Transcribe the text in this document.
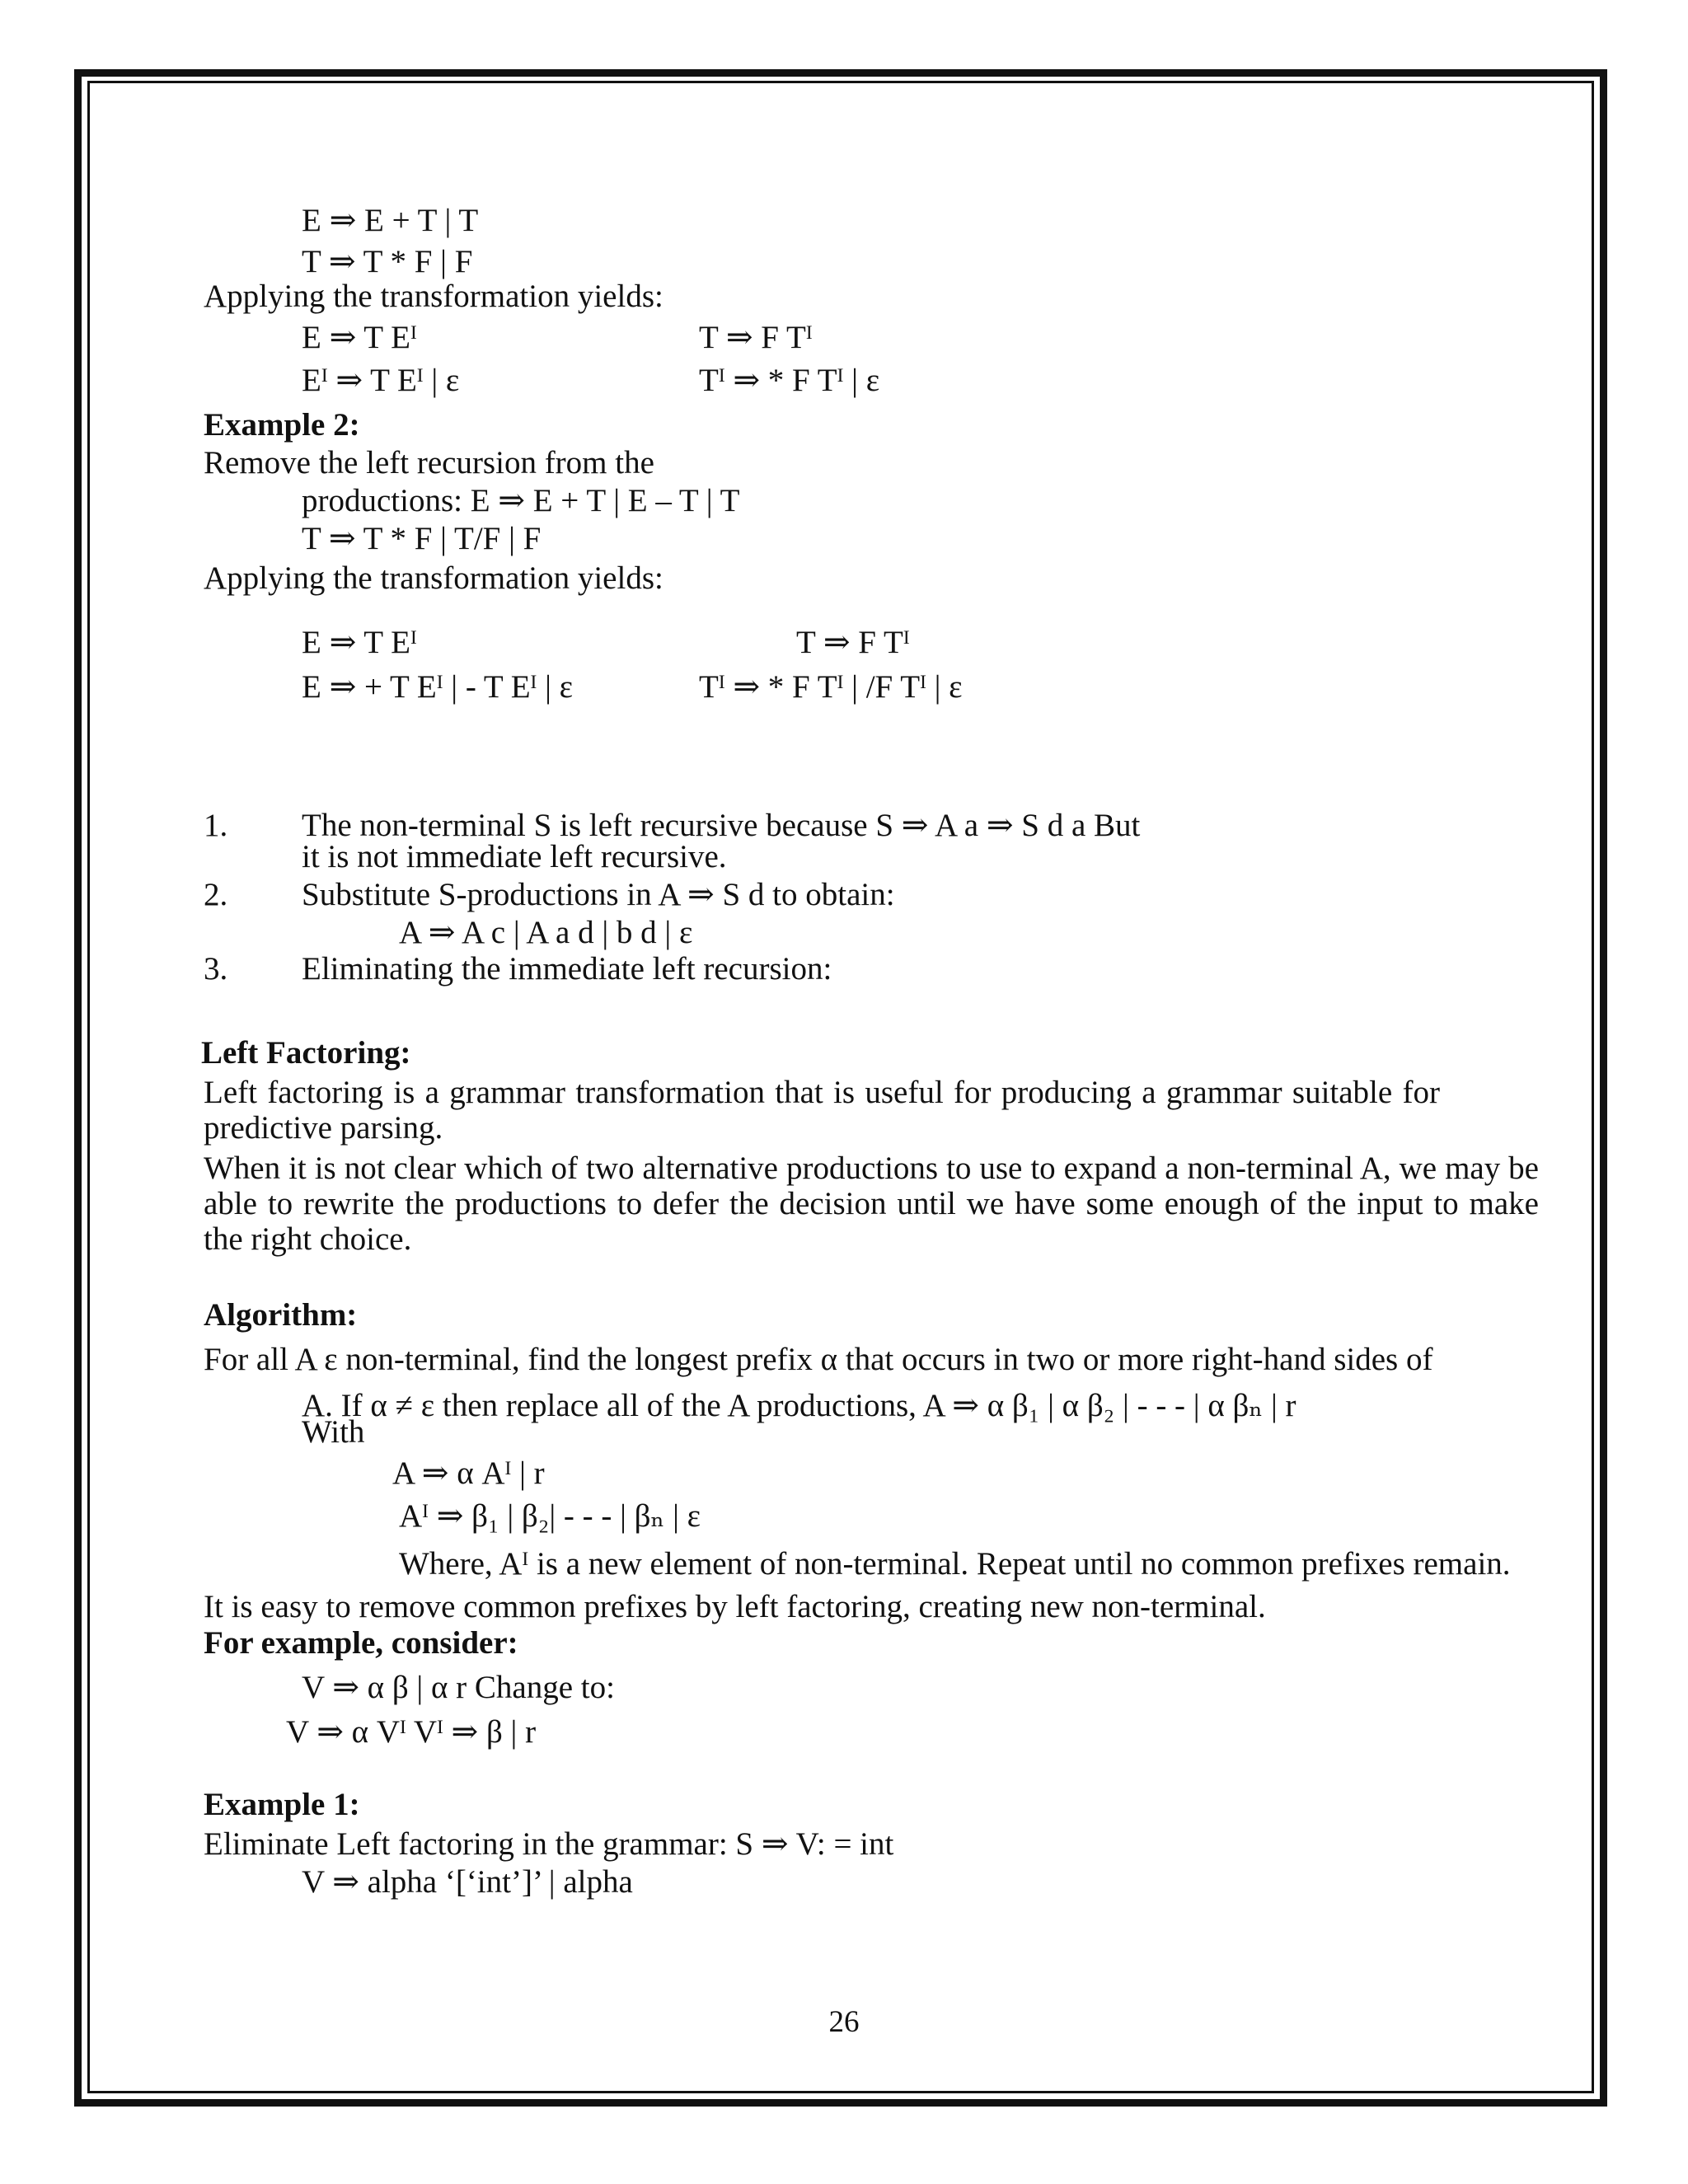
E ⇒ E + T | T
T ⇒ T * F | F
Applying the transformation yields:
E ⇒ T Eᴵ	T ⇒ F Tᴵ
Eᴵ ⇒ T Eᴵ | ε	Tᴵ ⇒ * F Tᴵ | ε
Example 2:
Remove the left recursion from the
productions: E ⇒ E + T | E – T | T
T ⇒ T * F | T/F | F
Applying the transformation yields:
E ⇒ T Eᴵ	T ⇒ F Tᴵ
E ⇒ + T Eᴵ | - T Eᴵ | ε	Tᴵ ⇒ * F Tᴵ | /F Tᴵ | ε
1. The non-terminal S is left recursive because S ⇒ A a ⇒ S d a But
it is not immediate left recursive.
2. Substitute S-productions in A ⇒ S d to obtain:
A ⇒ A c | A a d | b d | ε
3. Eliminating the immediate left recursion:
Left Factoring:
Left factoring is a grammar transformation that is useful for producing a grammar suitable for predictive parsing.
When it is not clear which of two alternative productions to use to expand a non-terminal A, we may be able to rewrite the productions to defer the decision until we have some enough of the input to make the right choice.
Algorithm:
For all A ε non-terminal, find the longest prefix α that occurs in two or more right-hand sides of
A. If α ≠ ε then replace all of the A productions, A ⇒ α β₁ | α β₂ | - - - | α βₙ | r
With
A ⇒ α Aᴵ | r
Aᴵ ⇒ β₁ | β₂| - - - | βₙ | ε
Where, Aᴵ is a new element of non-terminal. Repeat until no common prefixes remain.
It is easy to remove common prefixes by left factoring, creating new non-terminal.
For example, consider:
V ⇒ α β | α r Change to:
V ⇒ α Vᴵ Vᴵ ⇒ β | r
Example 1:
Eliminate Left factoring in the grammar: S ⇒ V: = int
V ⇒ alpha ‘[‘int’]’ | alpha
26
